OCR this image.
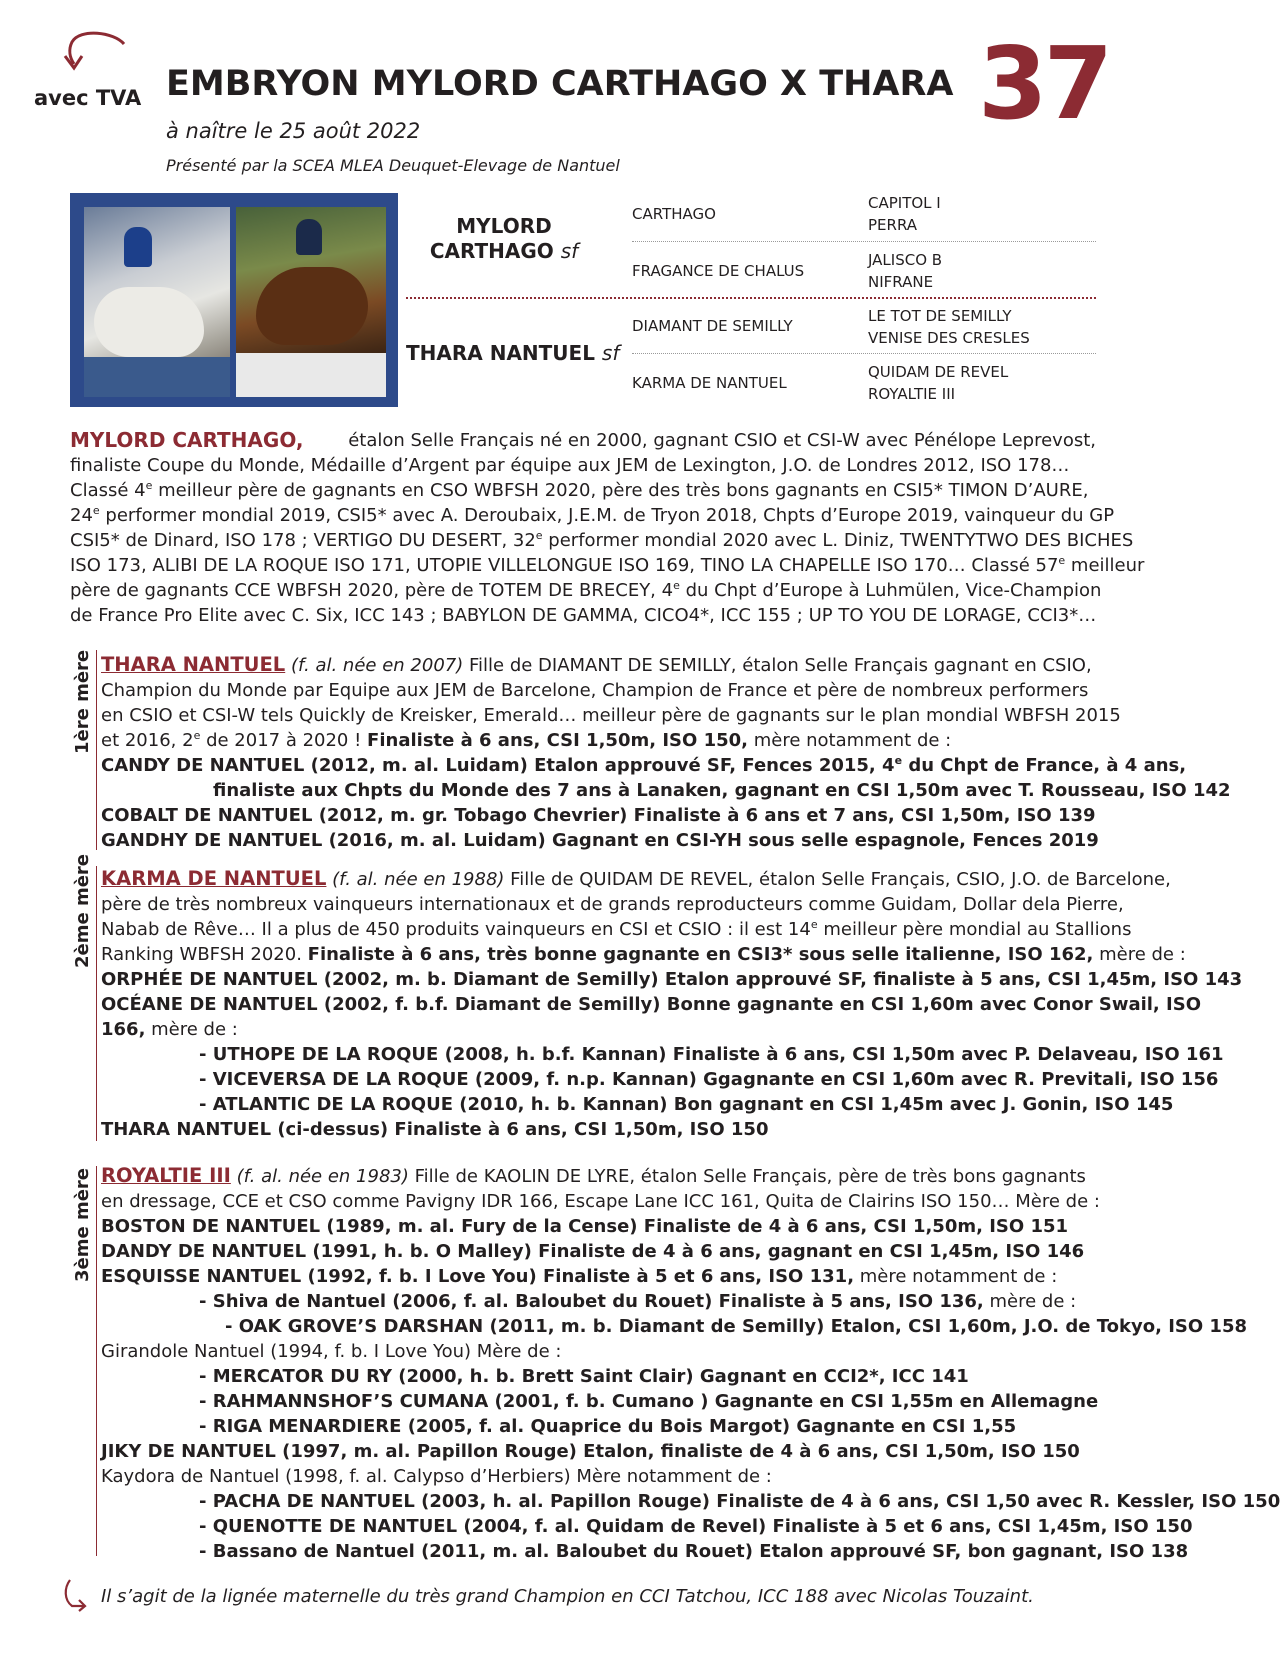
avec TVA EMBRYON MYLORD CARTHAGO X THARA 37
à naître le 25 août 2022
Présenté par la SCEA MLEA Deuquet-Elevage de Nantuel
MYLORD CARTHAGO sf
THARA NANTUEL sf
CARTHAGO
FRAGANCE DE CHALUS
DIAMANT DE SEMILLY
KARMA DE NANTUEL
CAPITOL I
PERRA
JALISCO B
NIFRANE
LE TOT DE SEMILLY
VENISE DES CRESLES
QUIDAM DE REVEL
ROYALTIE III
MYLORD CARTHAGO, étalon Selle Français né en 2000, gagnant CSIO et CSI-W avec Pénélope Leprevost,
finaliste Coupe du Monde, Médaille d’Argent par équipe aux JEM de Lexington, J.O. de Londres 2012, ISO 178…
Classé 4e meilleur père de gagnants en CSO WBFSH 2020, père des très bons gagnants en CSI5* TIMON D’AURE,
24e performer mondial 2019, CSI5* avec A. Deroubaix, J.E.M. de Tryon 2018, Chpts d’Europe 2019, vainqueur du GP
CSI5* de Dinard, ISO 178 ; VERTIGO DU DESERT, 32e performer mondial 2020 avec L. Diniz, TWENTYTWO DES BICHES
ISO 173, ALIBI DE LA ROQUE ISO 171, UTOPIE VILLELONGUE ISO 169, TINO LA CHAPELLE ISO 170… Classé 57e meilleur
père de gagnants CCE WBFSH 2020, père de TOTEM DE BRECEY, 4e du Chpt d’Europe à Luhmülen, Vice-Champion
de France Pro Elite avec C. Six, ICC 143 ; BABYLON DE GAMMA, CICO4*, ICC 155 ; UP TO YOU DE LORAGE, CCI3*…
1ère mère THARA NANTUEL (f. al. née en 2007) Fille de DIAMANT DE SEMILLY, étalon Selle Français gagnant en CSIO,
Champion du Monde par Equipe aux JEM de Barcelone, Champion de France et père de nombreux performers
en CSIO et CSI-W tels Quickly de Kreisker, Emerald… meilleur père de gagnants sur le plan mondial WBFSH 2015
et 2016, 2e de 2017 à 2020 ! Finaliste à 6 ans, CSI 1,50m, ISO 150, mère notamment de :
CANDY DE NANTUEL (2012, m. al. Luidam) Etalon approuvé SF, Fences 2015, 4e du Chpt de France, à 4 ans,
finaliste aux Chpts du Monde des 7 ans à Lanaken, gagnant en CSI 1,50m avec T. Rousseau, ISO 142
COBALT DE NANTUEL (2012, m. gr. Tobago Chevrier) Finaliste à 6 ans et 7 ans, CSI 1,50m, ISO 139
GANDHY DE NANTUEL (2016, m. al. Luidam) Gagnant en CSI-YH sous selle espagnole, Fences 2019
2ème mère KARMA DE NANTUEL (f. al. née en 1988) Fille de QUIDAM DE REVEL, étalon Selle Français, CSIO, J.O. de Barcelone,
père de très nombreux vainqueurs internationaux et de grands reproducteurs comme Guidam, Dollar dela Pierre,
Nabab de Rêve… Il a plus de 450 produits vainqueurs en CSI et CSIO : il est 14e meilleur père mondial au Stallions
Ranking WBFSH 2020. Finaliste à 6 ans, très bonne gagnante en CSI3* sous selle italienne, ISO 162, mère de :
ORPHÉE DE NANTUEL (2002, m. b. Diamant de Semilly) Etalon approuvé SF, finaliste à 5 ans, CSI 1,45m, ISO 143
OCÉANE DE NANTUEL (2002, f. b.f. Diamant de Semilly) Bonne gagnante en CSI 1,60m avec Conor Swail, ISO
166, mère de :
- UTHOPE DE LA ROQUE (2008, h. b.f. Kannan) Finaliste à 6 ans, CSI 1,50m avec P. Delaveau, ISO 161
- VICEVERSA DE LA ROQUE (2009, f. n.p. Kannan) Ggagnante en CSI 1,60m avec R. Previtali, ISO 156
- ATLANTIC DE LA ROQUE (2010, h. b. Kannan) Bon gagnant en CSI 1,45m avec J. Gonin, ISO 145
THARA NANTUEL (ci-dessus) Finaliste à 6 ans, CSI 1,50m, ISO 150
3ème mère ROYALTIE III (f. al. née en 1983) Fille de KAOLIN DE LYRE, étalon Selle Français, père de très bons gagnants
en dressage, CCE et CSO comme Pavigny IDR 166, Escape Lane ICC 161, Quita de Clairins ISO 150… Mère de :
BOSTON DE NANTUEL (1989, m. al. Fury de la Cense) Finaliste de 4 à 6 ans, CSI 1,50m, ISO 151
DANDY DE NANTUEL (1991, h. b. O Malley) Finaliste de 4 à 6 ans, gagnant en CSI 1,45m, ISO 146
ESQUISSE NANTUEL (1992, f. b. I Love You) Finaliste à 5 et 6 ans, ISO 131, mère notamment de :
- Shiva de Nantuel (2006, f. al. Baloubet du Rouet) Finaliste à 5 ans, ISO 136, mère de :
- OAK GROVE’S DARSHAN (2011, m. b. Diamant de Semilly) Etalon, CSI 1,60m, J.O. de Tokyo, ISO 158
Girandole Nantuel (1994, f. b. I Love You) Mère de :
- MERCATOR DU RY (2000, h. b. Brett Saint Clair) Gagnant en CCI2*, ICC 141
- RAHMANNSHOF’S CUMANA (2001, f. b. Cumano ) Gagnante en CSI 1,55m en Allemagne
- RIGA MENARDIERE (2005, f. al. Quaprice du Bois Margot) Gagnante en CSI 1,55
JIKY DE NANTUEL (1997, m. al. Papillon Rouge) Etalon, finaliste de 4 à 6 ans, CSI 1,50m, ISO 150
Kaydora de Nantuel (1998, f. al. Calypso d’Herbiers) Mère notamment de :
- PACHA DE NANTUEL (2003, h. al. Papillon Rouge) Finaliste de 4 à 6 ans, CSI 1,50 avec R. Kessler, ISO 150
- QUENOTTE DE NANTUEL (2004, f. al. Quidam de Revel) Finaliste à 5 et 6 ans, CSI 1,45m, ISO 150
- Bassano de Nantuel (2011, m. al. Baloubet du Rouet) Etalon approuvé SF, bon gagnant, ISO 138
Il s’agit de la lignée maternelle du très grand Champion en CCI Tatchou, ICC 188 avec Nicolas Touzaint.
